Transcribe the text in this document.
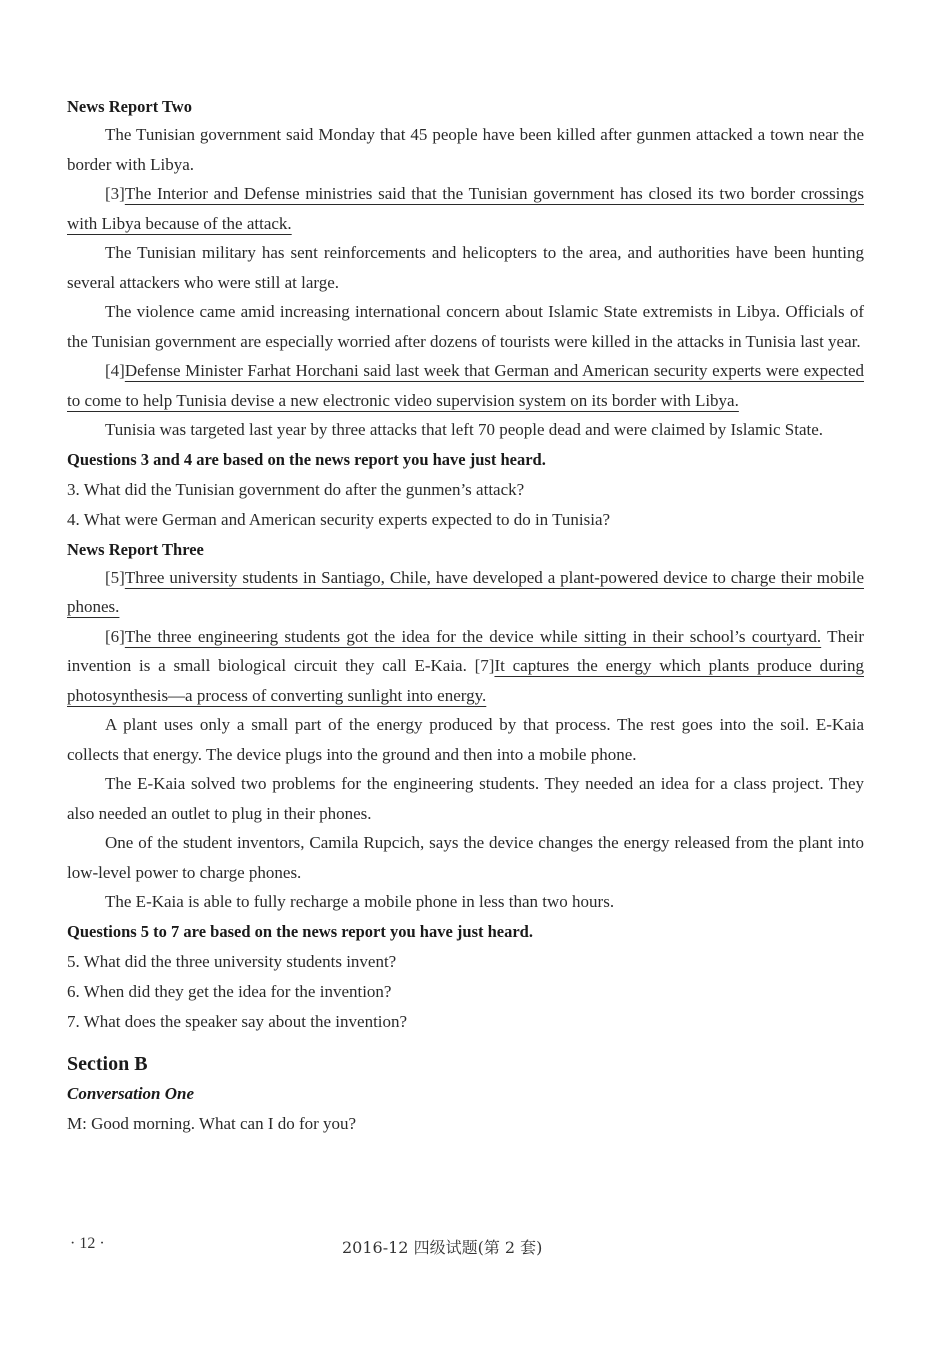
News Report Two

The Tunisian government said Monday that 45 people have been killed after gunmen attacked a town near the border with Libya.

[3]The Interior and Defense ministries said that the Tunisian government has closed its two border crossings with Libya because of the attack.

The Tunisian military has sent reinforcements and helicopters to the area, and authorities have been hunting several attackers who were still at large.

The violence came amid increasing international concern about Islamic State extremists in Libya. Officials of the Tunisian government are especially worried after dozens of tourists were killed in the attacks in Tunisia last year.

[4]Defense Minister Farhat Horchani said last week that German and American security experts were expected to come to help Tunisia devise a new electronic video supervision system on its border with Libya.

Tunisia was targeted last year by three attacks that left 70 people dead and were claimed by Islamic State.

Questions 3 and 4 are based on the news report you have just heard.
3. What did the Tunisian government do after the gunmen’s attack?
4. What were German and American security experts expected to do in Tunisia?
News Report Three

[5]Three university students in Santiago, Chile, have developed a plant-powered device to charge their mobile phones.

[6]The three engineering students got the idea for the device while sitting in their school’s courtyard. Their invention is a small biological circuit they call E-Kaia. [7]It captures the energy which plants produce during photosynthesis—a process of converting sunlight into energy.

A plant uses only a small part of the energy produced by that process. The rest goes into the soil. E-Kaia collects that energy. The device plugs into the ground and then into a mobile phone.

The E-Kaia solved two problems for the engineering students. They needed an idea for a class project. They also needed an outlet to plug in their phones.

One of the student inventors, Camila Rupcich, says the device changes the energy released from the plant into low-level power to charge phones.

The E-Kaia is able to fully recharge a mobile phone in less than two hours.

Questions 5 to 7 are based on the news report you have just heard.
5. What did the three university students invent?
6. When did they get the idea for the invention?
7. What does the speaker say about the invention?
Section B
Conversation One
M: Good morning. What can I do for you?
· 12 ·	2016-12 四级试题(第 2 套)
